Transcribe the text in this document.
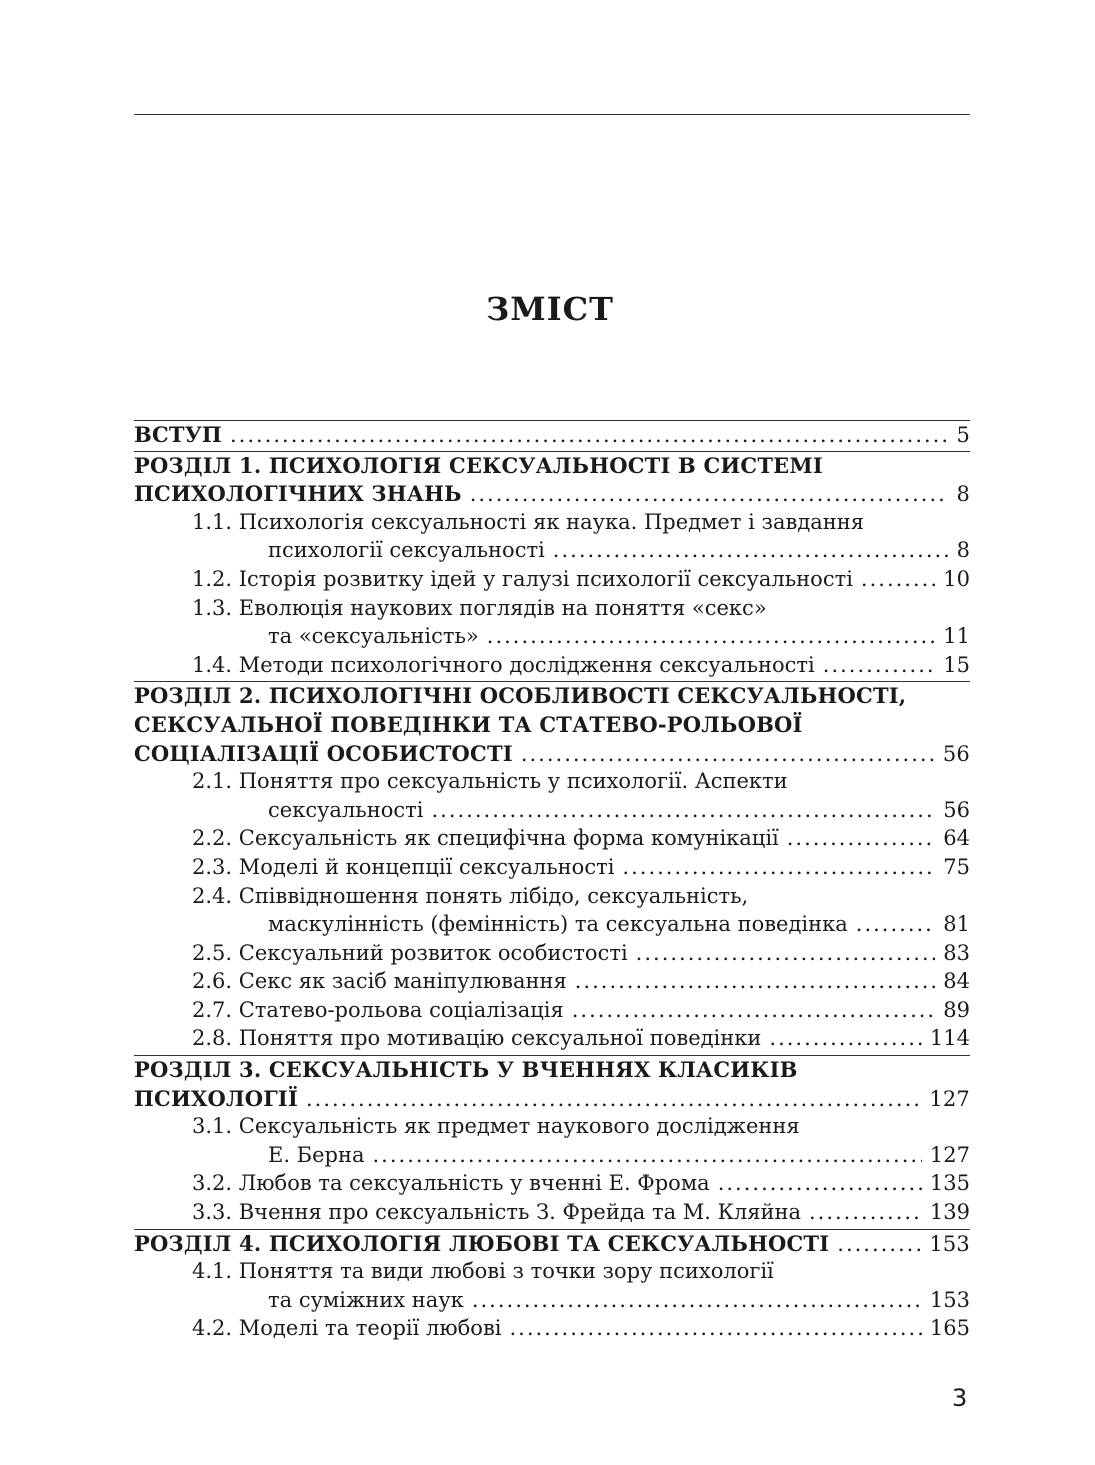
ЗМІСТ
ВСТУП .....	5
РОЗДІЛ 1. ПСИХОЛОГІЯ СЕКСУАЛЬНОСТІ В СИСТЕМІ
ПСИХОЛОГІЧНИХ ЗНАНЬ .....	8
1.1. Психологія сексуальності як наука. Предмет і завдання
психології сексуальності .....	8
1.2. Історія розвитку ідей у галузі психології сексуальності .....	10
1.3. Еволюція наукових поглядів на поняття «секс»
та «сексуальність» .....	11
1.4. Методи психологічного дослідження сексуальності .....	15
РОЗДІЛ 2. ПСИХОЛОГІЧНІ ОСОБЛИВОСТІ СЕКСУАЛЬНОСТІ,
СЕКСУАЛЬНОЇ ПОВЕДІНКИ ТА СТАТЕВО-РОЛЬОВОЇ
СОЦІАЛІЗАЦІЇ ОСОБИСТОСТІ .....	56
2.1. Поняття про сексуальність у психології. Аспекти
сексуальності .....	56
2.2. Сексуальність як специфічна форма комунікації .....	64
2.3. Моделі й концепції сексуальності .....	75
2.4. Співвідношення понять лібідо, сексуальність,
маскулінність (фемінність) та сексуальна поведінка .....	81
2.5. Сексуальний розвиток особистості .....	83
2.6. Секс як засіб маніпулювання .....	84
2.7. Статево-рольова соціалізація .....	89
2.8. Поняття про мотивацію сексуальної поведінки .....	114
РОЗДІЛ 3. СЕКСУАЛЬНІСТЬ У ВЧЕННЯХ КЛАСИКІВ
ПСИХОЛОГІЇ .....	127
3.1. Сексуальність як предмет наукового дослідження
Е. Берна .....	127
3.2. Любов та сексуальність у вченні Е. Фрома .....	135
3.3. Вчення про сексуальність З. Фрейда та М. Кляйна .....	139
РОЗДІЛ 4. ПСИХОЛОГІЯ ЛЮБОВІ ТА СЕКСУАЛЬНОСТІ .....	153
4.1. Поняття та види любові з точки зору психології
та суміжних наук .....	153
4.2. Моделі та теорії любові .....	165
3
